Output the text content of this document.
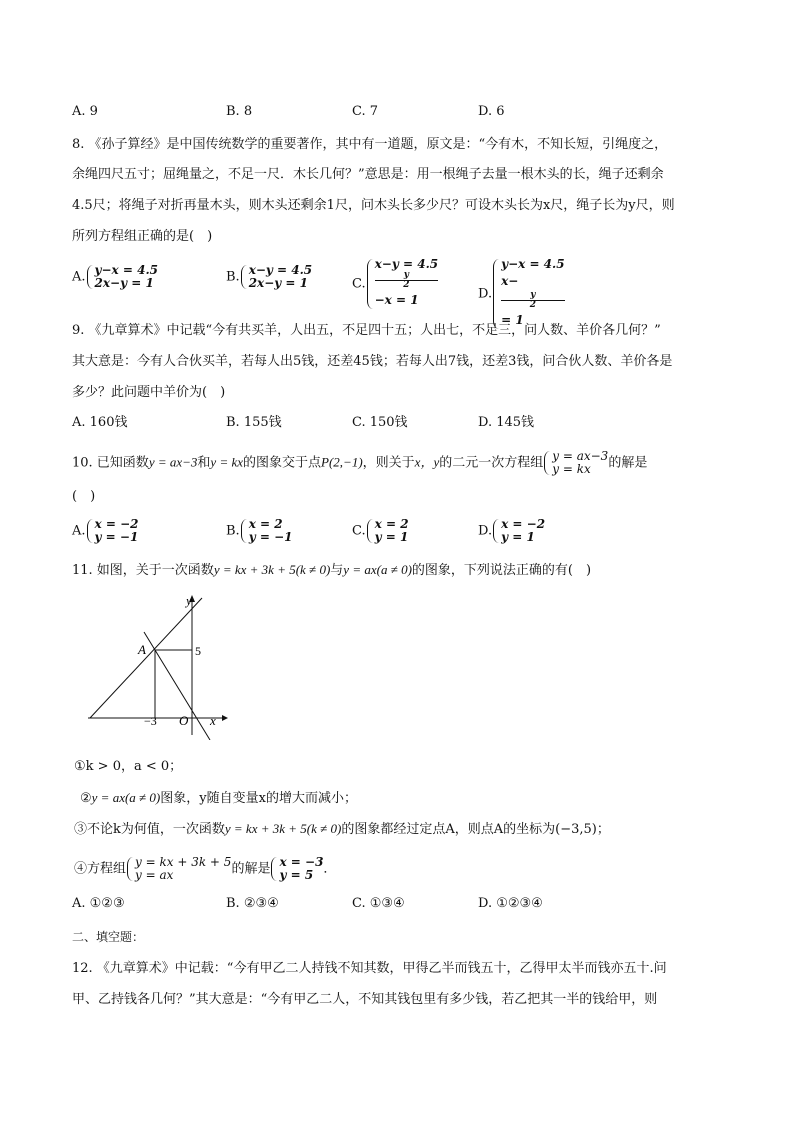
A. 9	B. 8	C. 7	D. 6
8. 《孙子算经》是中国传统数学的重要著作，其中有一道题，原文是：“今有木，不知长短，引绳度之，
余绳四尺五寸；屈绳量之，不足一尺．木长几何？”意思是：用一根绳子去量一根木头的长，绳子还剩余
4.5尺；将绳子对折再量木头，则木头还剩余1尺，问木头长多少尺？可设木头长为x尺，绳子长为y尺，则
所列方程组正确的是(　)
A. y−x = 4.5
2x−y = 1	B. x−y = 4.5
2x−y = 1	C.
x−y = 4.5
y
2
−x = 1	D.
y−x = 4.5
x−
y
2
= 1
9. 《九章算术》中记载“今有共买羊，人出五，不足四十五；人出七，不足三，问人数、羊价各几何？”
其大意是：今有人合伙买羊，若每人出5钱，还差45钱；若每人出7钱，还差3钱，问合伙人数、羊价各是
多少？此问题中羊价为(　)
A. 160钱	B. 155钱	C. 150钱	D. 145钱
10. 已知函数y = ax−3和y = kx的图象交于点P(2,−1)，则关于x，y的二元一次方程组 y = ax−3
y = kx	的解是
(　)
A. x = −2
y = −1	B. x = 2
y = −1	C. x = 2
y = 1	D. x = −2
y = 1
11. 如图，关于一次函数y = kx + 3k + 5(k ≠ 0)与y = ax(a ≠ 0)的图象，下列说法正确的有(　)
y
x
O
A	5
−3
①k > 0，a < 0；
②y = ax(a ≠ 0)图象，y随自变量x的增大而减小；
③不论k为何值，一次函数y = kx + 3k + 5(k ≠ 0)的图象都经过定点A，则点A的坐标为(−3,5)；
④方程组 y = kx + 3k + 5
y = ax	的解是 x = −3
y = 5 ．
A. ①②③	B. ②③④	C. ①③④	D. ①②③④
二、填空题：
12. 《九章算术》中记载：“今有甲乙二人持钱不知其数，甲得乙半而钱五十，乙得甲太半而钱亦五十.问
甲、乙持钱各几何？”其大意是：“今有甲乙二人，不知其钱包里有多少钱，若乙把其一半的钱给甲，则
